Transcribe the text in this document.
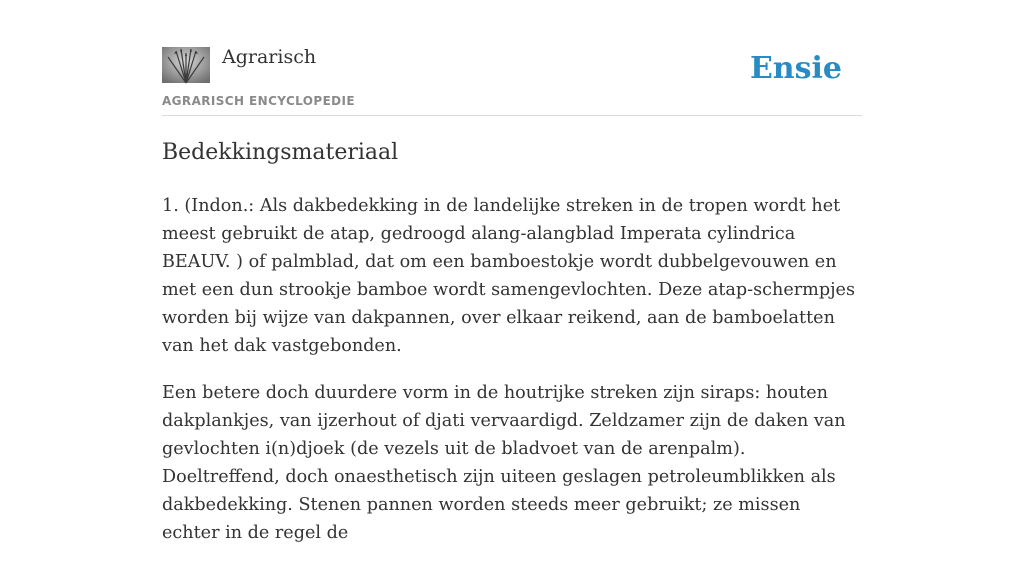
Agrarisch
AGRARISCH ENCYCLOPEDIE
Ensie
Bedekkingsmateriaal

1. (Indon.: Als dakbedekking in de landelijke streken in de tropen wordt het meest gebruikt de atap, gedroogd alang-alangblad Imperata cylindrica BEAUV. ) of palmblad, dat om een bamboestokje wordt dubbelgevouwen en met een dun strookje bamboe wordt samengevlochten. Deze atap-schermpjes worden bij wijze van dakpannen, over elkaar reikend, aan de bamboelatten van het dak vastgebonden.

Een betere doch duurdere vorm in de houtrijke streken zijn siraps: houten dakplankjes, van ijzerhout of djati vervaardigd. Zeldzamer zijn de daken van gevlochten i(n)djoek (de vezels uit de bladvoet van de arenpalm). Doeltreffend, doch onaesthetisch zijn uiteen geslagen petroleumblikken als dakbedekking. Stenen pannen worden steeds meer gebruikt; ze missen echter in de regel de
